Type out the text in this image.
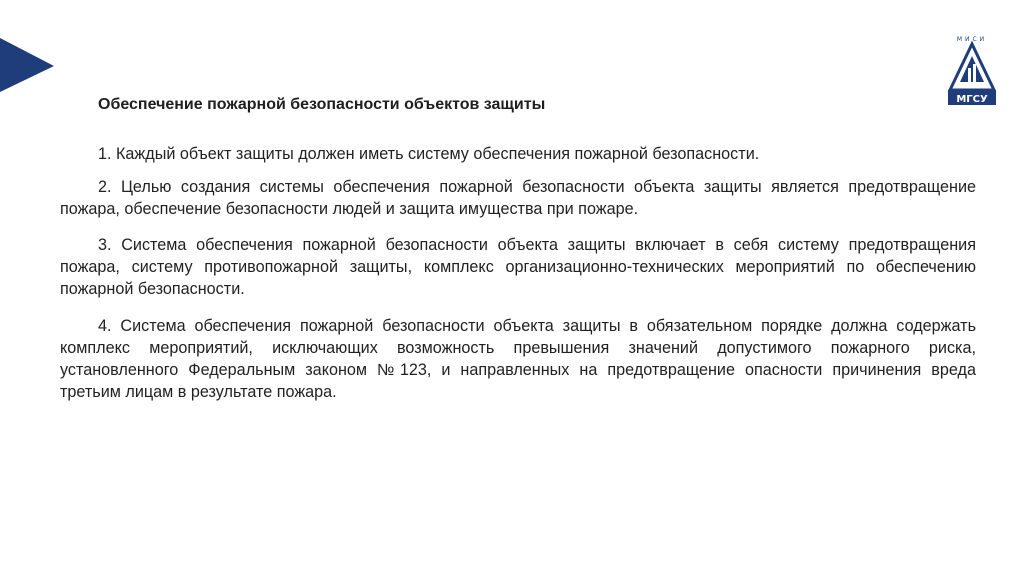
МИСИ
МГСУ

Обеспечение пожарной безопасности объектов защиты

1. Каждый объект защиты должен иметь систему обеспечения пожарной безопасности.

2. Целью создания системы обеспечения пожарной безопасности объекта защиты является предотвращение пожара, обеспечение безопасности людей и защита имущества при пожаре.

3. Система обеспечения пожарной безопасности объекта защиты включает в себя систему предотвращения пожара, систему противопожарной защиты, комплекс организационно-технических мероприятий по обеспечению пожарной безопасности.

4. Система обеспечения пожарной безопасности объекта защиты в обязательном порядке должна содержать комплекс мероприятий, исключающих возможность превышения значений допустимого пожарного риска, установленного Федеральным законом №123, и направленных на предотвращение опасности причинения вреда третьим лицам в результате пожара.
